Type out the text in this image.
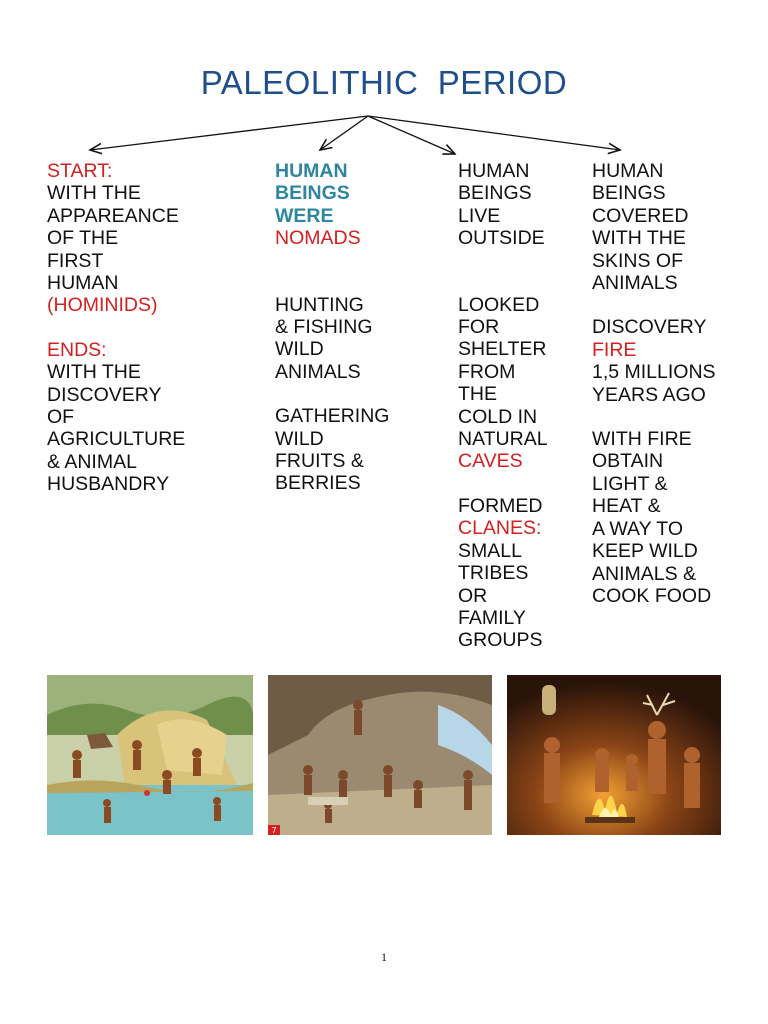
PALEOLITHIC  PERIOD
START:
WITH THE
APPAREANCE
OF THE
FIRST
HUMAN
(HOMINIDS)
ENDS:
WITH THE
DISCOVERY
OF
AGRICULTURE
& ANIMAL
HUSBANDRY
HUMAN
BEINGS
WERE
NOMADS
HUNTING
& FISHING
WILD
ANIMALS
GATHERING
WILD
FRUITS &
BERRIES
HUMAN
BEINGS
LIVE
OUTSIDE
LOOKED
FOR
SHELTER
FROM
THE
COLD IN
NATURAL
CAVES
FORMED
CLANES:
SMALL
TRIBES
OR
FAMILY
GROUPS
HUMAN
BEINGS
COVERED
WITH THE
SKINS OF
ANIMALS
DISCOVERY
FIRE
1,5 MILLIONS
YEARS AGO
WITH FIRE
OBTAIN
LIGHT &
HEAT &
A WAY TO
KEEP WILD
ANIMALS &
COOK FOOD
7
1
